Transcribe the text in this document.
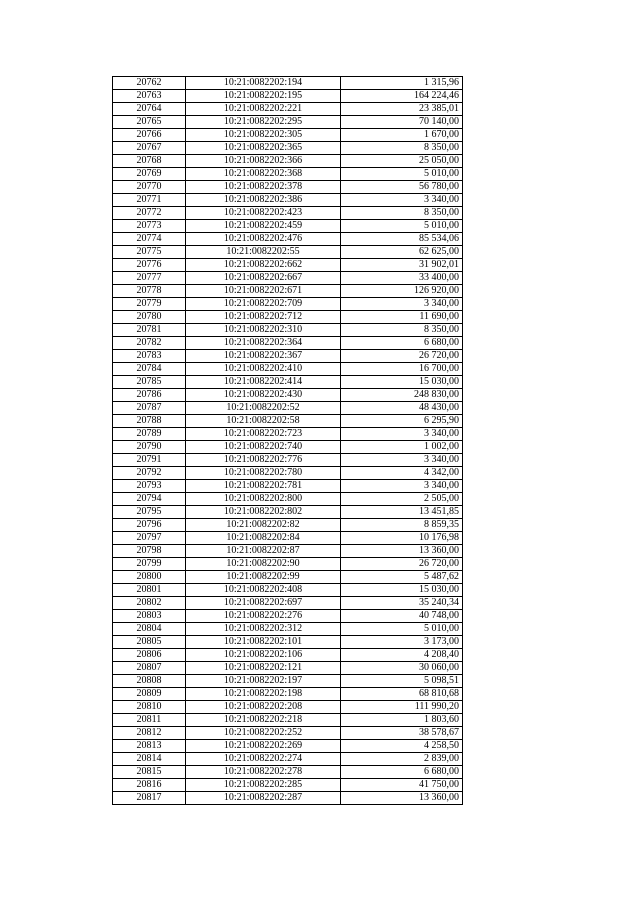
20762	10:21:0082202:194	1 315,96
20763	10:21:0082202:195	164 224,46
20764	10:21:0082202:221	23 385,01
20765	10:21:0082202:295	70 140,00
20766	10:21:0082202:305	1 670,00
20767	10:21:0082202:365	8 350,00
20768	10:21:0082202:366	25 050,00
20769	10:21:0082202:368	5 010,00
20770	10:21:0082202:378	56 780,00
20771	10:21:0082202:386	3 340,00
20772	10:21:0082202:423	8 350,00
20773	10:21:0082202:459	5 010,00
20774	10:21:0082202:476	85 534,06
20775	10:21:0082202:55	62 625,00
20776	10:21:0082202:662	31 902,01
20777	10:21:0082202:667	33 400,00
20778	10:21:0082202:671	126 920,00
20779	10:21:0082202:709	3 340,00
20780	10:21:0082202:712	11 690,00
20781	10:21:0082202:310	8 350,00
20782	10:21:0082202:364	6 680,00
20783	10:21:0082202:367	26 720,00
20784	10:21:0082202:410	16 700,00
20785	10:21:0082202:414	15 030,00
20786	10:21:0082202:430	248 830,00
20787	10:21:0082202:52	48 430,00
20788	10:21:0082202:58	6 295,90
20789	10:21:0082202:723	3 340,00
20790	10:21:0082202:740	1 002,00
20791	10:21:0082202:776	3 340,00
20792	10:21:0082202:780	4 342,00
20793	10:21:0082202:781	3 340,00
20794	10:21:0082202:800	2 505,00
20795	10:21:0082202:802	13 451,85
20796	10:21:0082202:82	8 859,35
20797	10:21:0082202:84	10 176,98
20798	10:21:0082202:87	13 360,00
20799	10:21:0082202:90	26 720,00
20800	10:21:0082202:99	5 487,62
20801	10:21:0082202:408	15 030,00
20802	10:21:0082202:697	35 240,34
20803	10:21:0082202:276	40 748,00
20804	10:21:0082202:312	5 010,00
20805	10:21:0082202:101	3 173,00
20806	10:21:0082202:106	4 208,40
20807	10:21:0082202:121	30 060,00
20808	10:21:0082202:197	5 098,51
20809	10:21:0082202:198	68 810,68
20810	10:21:0082202:208	111 990,20
20811	10:21:0082202:218	1 803,60
20812	10:21:0082202:252	38 578,67
20813	10:21:0082202:269	4 258,50
20814	10:21:0082202:274	2 839,00
20815	10:21:0082202:278	6 680,00
20816	10:21:0082202:285	41 750,00
20817	10:21:0082202:287	13 360,00
